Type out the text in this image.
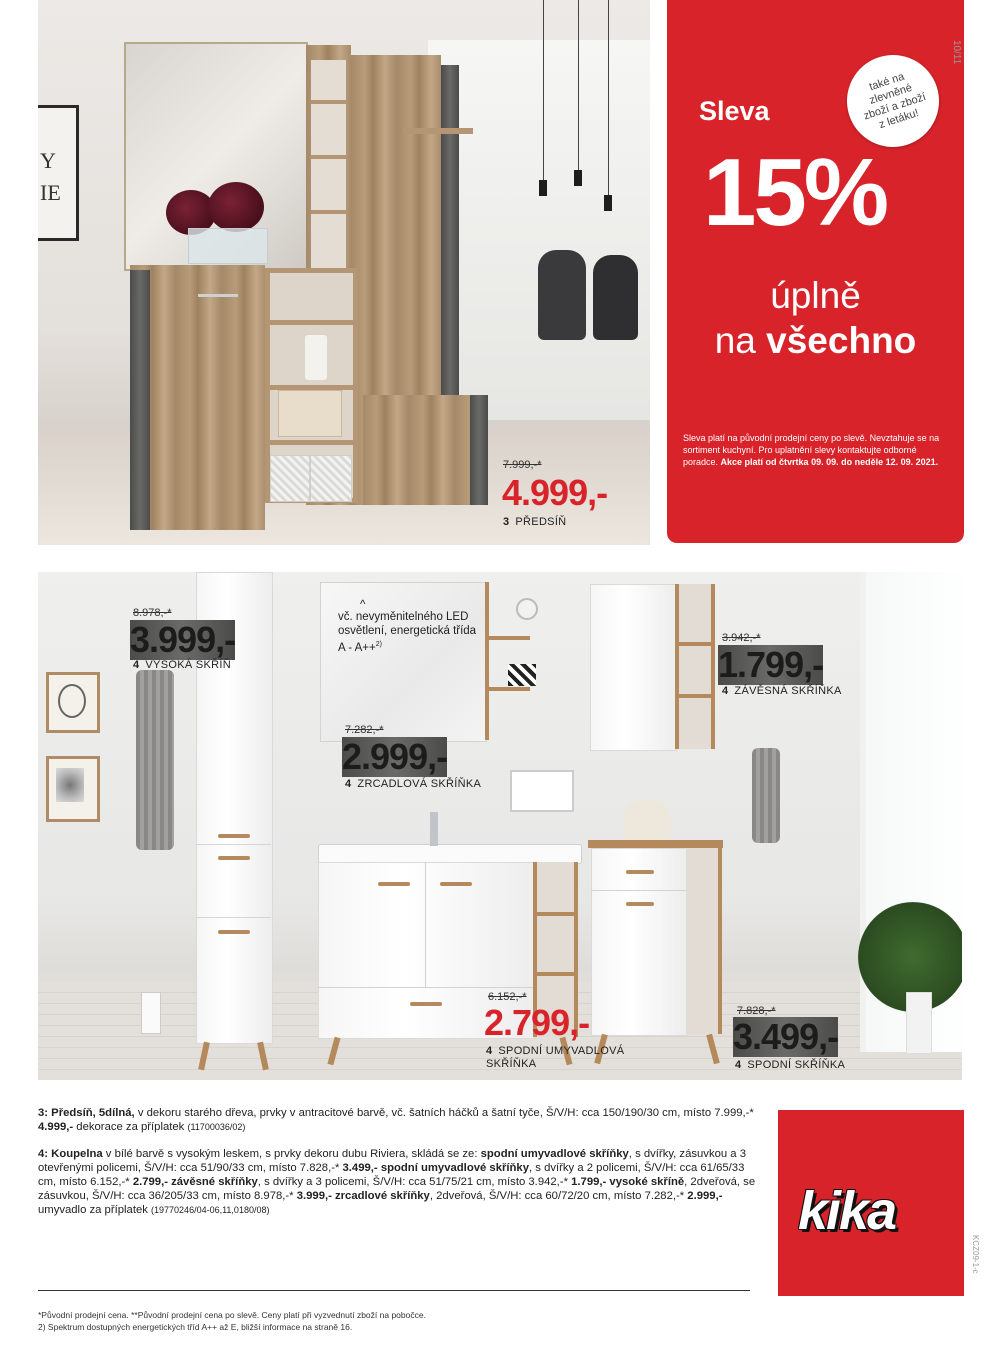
Y
IE
7.999,-*
4.999,-
3 PŘEDSÍŇ
Sleva
15%
úplně
na všechno
také na zlevněné zboží a zboží z letáku!
Sleva platí na původní prodejní ceny po slevě. Nevztahuje se na sortiment kuchyní. Pro uplatnění slevy kontaktujte odborné poradce. Akce platí od čtvrtka 09. 09. do neděle 12. 09. 2021.
10/11
8.978,-*
3.999,-
4 VYSOKÁ SKŘÍŇ
^
vč. nevyměnitelného LED osvětlení, energetická třída A - A++$^{2)}$
7.282,-*
2.999,-
4 ZRCADLOVÁ SKŘÍŇKA
3.942,-*
1.799,-
4 ZÁVĚSNÁ SKŘÍŇKA
6.152,-*
2.799,-
4 SPODNÍ UMYVADLOVÁ SKŘÍŇKA
7.828,-*
3.499,-
4 SPODNÍ SKŘÍŇKA
3: Předsíň, 5dílná, v dekoru starého dřeva, prvky v antracitové barvě, vč. šatních háčků a šatní tyče, Š/V/H: cca 150/190/30 cm, místo 7.999,-* 4.999,- dekorace za příplatek (11700036/02)
4: Koupelna v bílé barvě s vysokým leskem, s prvky dekoru dubu Riviera, skládá se ze: spodní umyvadlové skříňky, s dvířky, zásuvkou a 3 otevřenými policemi, Š/V/H: cca 51/90/33 cm, místo 7.828,-* 3.499,- spodní umyvadlové skříňky, s dvířky a 2 policemi, Š/V/H: cca 61/65/33 cm, místo 6.152,-* 2.799,- závěsné skříňky, s dvířky a 3 policemi, Š/V/H: cca 51/75/21 cm, místo 3.942,-* 1.799,- vysoké skříně, 2dveřová, se zásuvkou, Š/V/H: cca 36/205/33 cm, místo 8.978,-* 3.999,- zrcadlové skříňky, 2dveřová, Š/V/H: cca 60/72/20 cm, místo 7.282,-* 2.999,- umyvadlo za příplatek (19770246/04-06,11,0180/08)	kika
KCZ09-1-c
*Původní prodejní cena. **Původní prodejní cena po slevě. Ceny platí při vyzvednutí zboží na pobočce.
2) Spektrum dostupných energetických tříd A++ až E, bližší informace na straně 16.
